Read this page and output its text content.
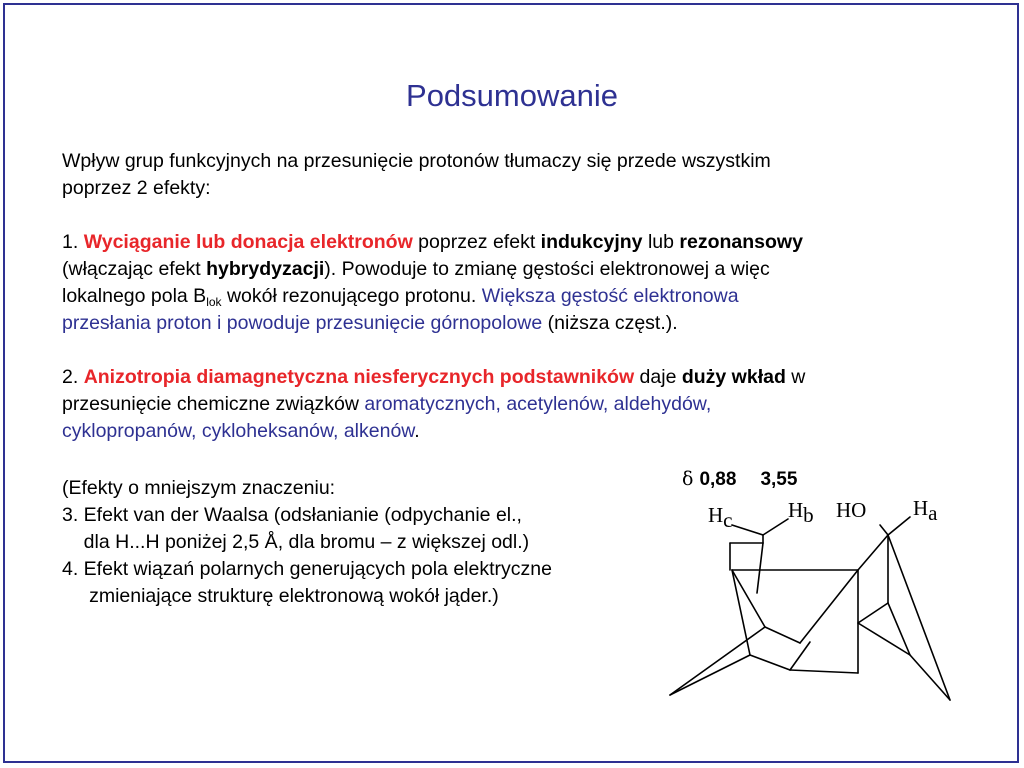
Podsumowanie
Wpływ grup funkcyjnych na przesunięcie protonów tłumaczy się przede wszystkim
poprzez 2 efekty:
1. Wyciąganie lub donacja elektronów poprzez efekt indukcyjny lub rezonansowy
(włączając efekt hybrydyzacji). Powoduje to zmianę gęstości elektronowej a więc
lokalnego pola $B_{lok}$ wokół rezonującego protonu. Większa gęstość elektronowa
przesłania proton i powoduje przesunięcie górnopolowe (niższa częst.).
2. Anizotropia diamagnetyczna niesferycznych podstawników daje duży wkład w
przesunięcie chemiczne związków aromatycznych, acetylenów, aldehydów,
cyklopropanów, cykloheksanów, alkenów.
(Efekty o mniejszym znaczeniu:
3. Efekt van der Waalsa (odsłanianie (odpychanie el.,
dla H...H poniżej 2,5 Å, dla bromu – z większej odl.)
4. Efekt wiązań polarnych generujących pola elektryczne
zmieniające strukturę elektronową wokół jąder.)
δ 0,88 3,55
Hc	Hb HO Ha
